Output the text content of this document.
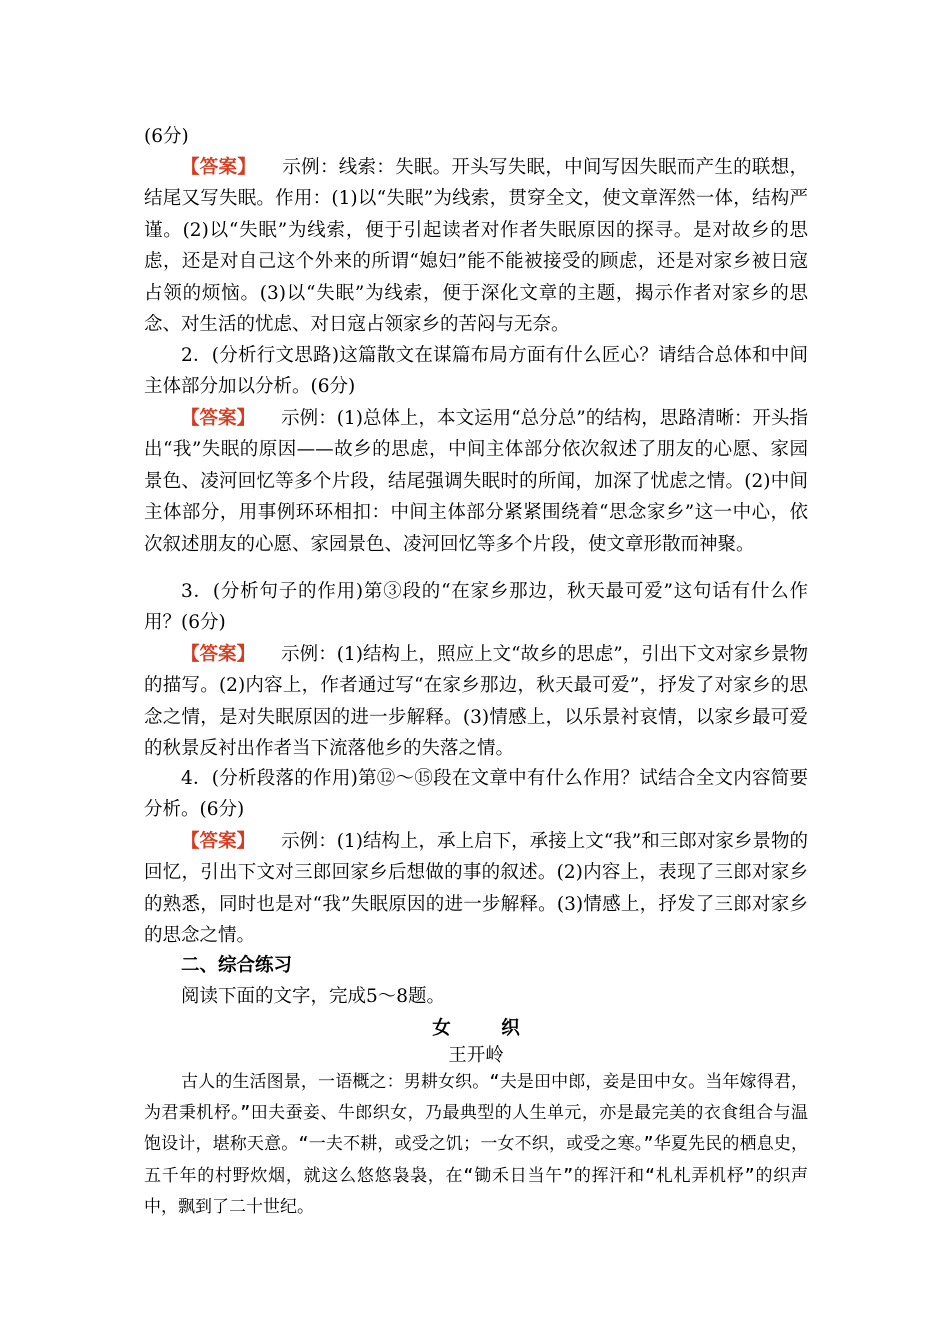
(6分)

【答案】 示例：线索：失眠。开头写失眠，中间写因失眠而产生的联想，结尾又写失眠。作用：(1)以“失眠”为线索，贯穿全文，使文章浑然一体，结构严谨。(2)以“失眠”为线索，便于引起读者对作者失眠原因的探寻。是对故乡的思虑，还是对自己这个外来的所谓“媳妇”能不能被接受的顾虑，还是对家乡被日寇占领的烦恼。(3)以“失眠”为线索，便于深化文章的主题，揭示作者对家乡的思念、对生活的忧虑、对日寇占领家乡的苦闷与无奈。

2．(分析行文思路)这篇散文在谋篇布局方面有什么匠心？请结合总体和中间主体部分加以分析。(6分)

【答案】 示例：(1)总体上，本文运用“总分总”的结构，思路清晰：开头指出“我”失眠的原因——故乡的思虑，中间主体部分依次叙述了朋友的心愿、家园景色、凌河回忆等多个片段，结尾强调失眠时的所闻，加深了忧虑之情。(2)中间主体部分，用事例环环相扣：中间主体部分紧紧围绕着“思念家乡”这一中心，依次叙述朋友的心愿、家园景色、凌河回忆等多个片段，使文章形散而神聚。

3．(分析句子的作用)第③段的“在家乡那边，秋天最可爱”这句话有什么作用？(6分)

【答案】 示例：(1)结构上，照应上文“故乡的思虑”，引出下文对家乡景物的描写。(2)内容上，作者通过写“在家乡那边，秋天最可爱”，抒发了对家乡的思念之情，是对失眠原因的进一步解释。(3)情感上，以乐景衬哀情，以家乡最可爱的秋景反衬出作者当下流落他乡的失落之情。

4．(分析段落的作用)第⑫～⑮段在文章中有什么作用？试结合全文内容简要分析。(6分)

【答案】 示例：(1)结构上，承上启下，承接上文“我”和三郎对家乡景物的回忆，引出下文对三郎回家乡后想做的事的叙述。(2)内容上，表现了三郎对家乡的熟悉，同时也是对“我”失眠原因的进一步解释。(3)情感上，抒发了三郎对家乡的思念之情。

二、综合练习

阅读下面的文字，完成5～8题。

女　织

王开岭

古人的生活图景，一语概之：男耕女织。“夫是田中郎，妾是田中女。当年嫁得君，为君秉机杼。”田夫蚕妾、牛郎织女，乃最典型的人生单元，亦是最完美的衣食组合与温饱设计，堪称天意。“一夫不耕，或受之饥；一女不织，或受之寒。”华夏先民的栖息史，五千年的村野炊烟，就这么悠悠袅袅，在“锄禾日当午”的挥汗和“札札弄机杼”的织声中，飘到了二十世纪。
